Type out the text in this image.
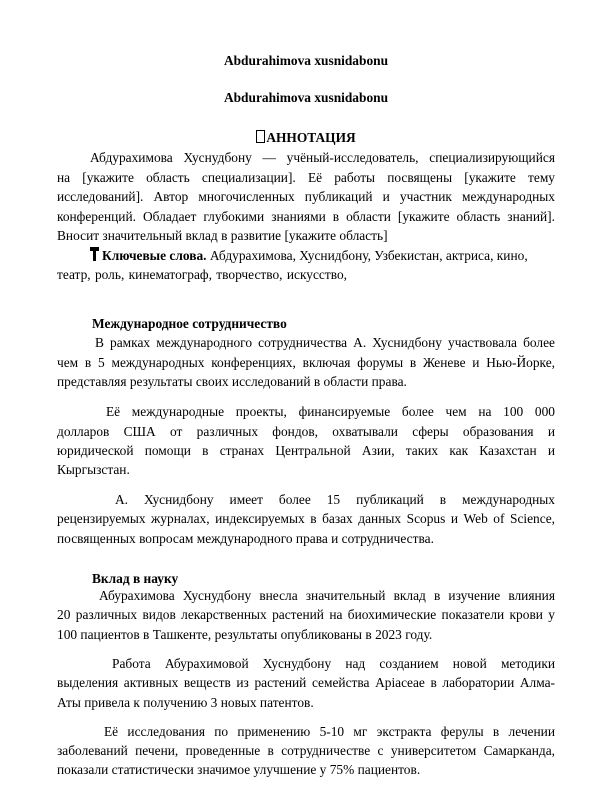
Abdurahimova xusnidabonu
Abdurahimova xusnidabonu
АННОТАЦИЯ
Абдурахимова Хуснудбону — учёный-исследователь, специализирующийся
на [укажите область специализации]. Её работы посвящены [укажите тему
исследований]. Автор многочисленных публикаций и участник международных
конференций. Обладает глубокими знаниями в области [укажите область знаний].
Вносит значительный вклад в развитие [укажите область]
Ключевые слова. Абдурахимова, Хуснидбону, Узбекистан, актриса, кино,
театр, роль, кинематограф, творчество, искусство,
Международное сотрудничество
В рамках международного сотрудничества А. Хуснидбону участвовала более
чем в 5 международных конференциях, включая форумы в Женеве и Нью-Йорке,
представляя результаты своих исследований в области права.
Её международные проекты, финансируемые более чем на 100 000
долларов США от различных фондов, охватывали сферы образования и
юридической помощи в странах Центральной Азии, таких как Казахстан и
Кыргызстан.
А. Хуснидбону имеет более 15 публикаций в международных
рецензируемых журналах, индексируемых в базах данных Scopus и Web of Science,
посвященных вопросам международного права и сотрудничества.
Вклад в науку
Абурахимова Хуснудбону внесла значительный вклад в изучение влияния
20 различных видов лекарственных растений на биохимические показатели крови у
100 пациентов в Ташкенте, результаты опубликованы в 2023 году.
Работа Абурахимовой Хуснудбону над созданием новой методики
выделения активных веществ из растений семейства Apiaceae в лаборатории Алма-
Аты привела к получению 3 новых патентов.
Её исследования по применению 5-10 мг экстракта ферулы в лечении
заболеваний печени, проведенные в сотрудничестве с университетом Самарканда,
показали статистически значимое улучшение у 75% пациентов.
